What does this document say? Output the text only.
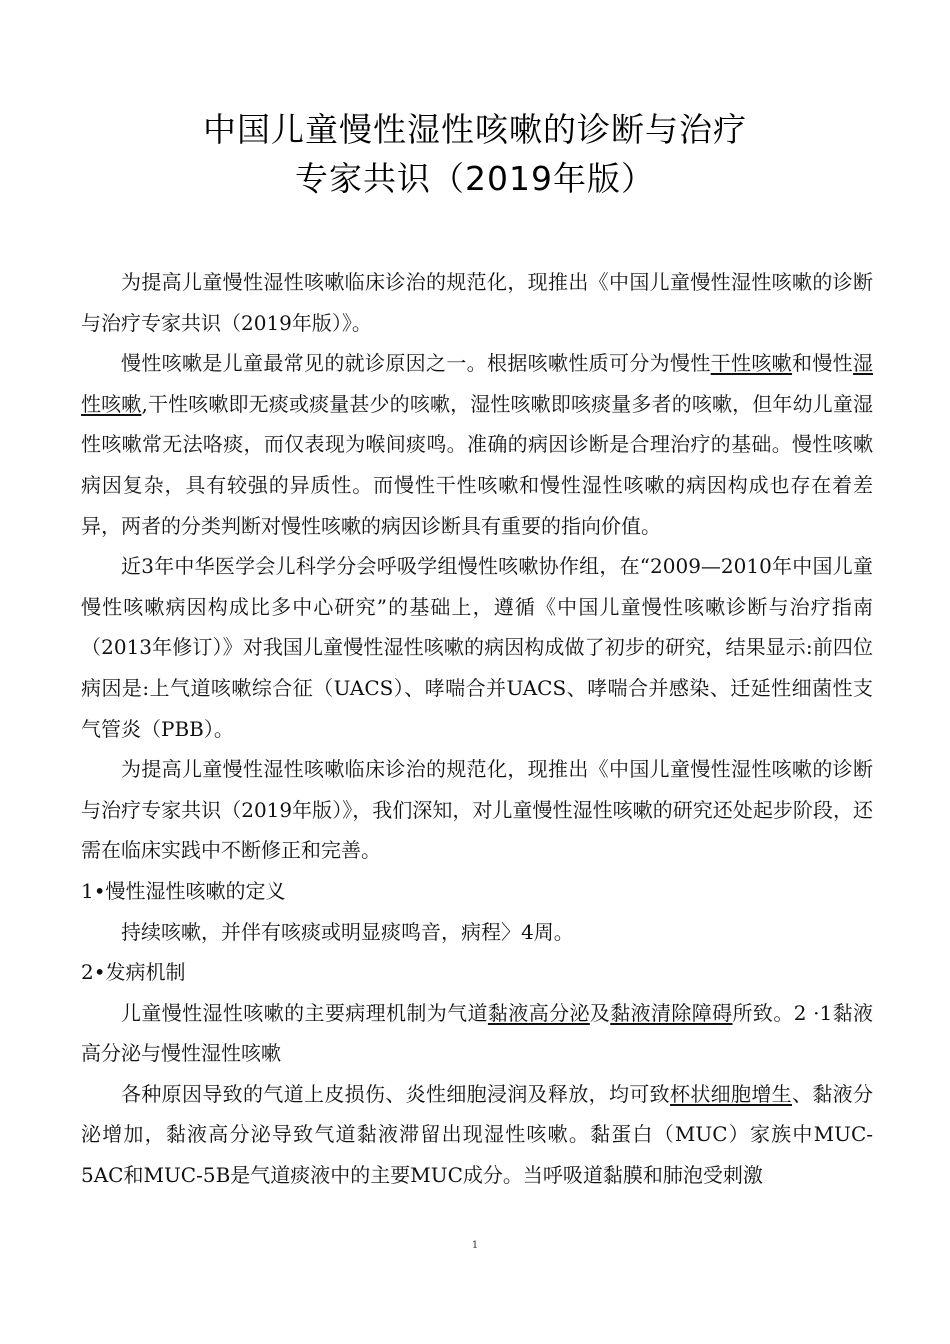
中国儿童慢性湿性咳嗽的诊断与治疗
专家共识（2019年版）

为提高儿童慢性湿性咳嗽临床诊治的规范化，现推出《中国儿童慢性湿性咳嗽的诊断与治疗专家共识（2019年版）》。

慢性咳嗽是儿童最常见的就诊原因之一。根据咳嗽性质可分为慢性干性咳嗽和慢性湿性咳嗽,干性咳嗽即无痰或痰量甚少的咳嗽，湿性咳嗽即咳痰量多者的咳嗽，但年幼儿童湿性咳嗽常无法咯痰，而仅表现为喉间痰鸣。准确的病因诊断是合理治疗的基础。慢性咳嗽病因复杂，具有较强的异质性。而慢性干性咳嗽和慢性湿性咳嗽的病因构成也存在着差异，两者的分类判断对慢性咳嗽的病因诊断具有重要的指向价值。

近3年中华医学会儿科学分会呼吸学组慢性咳嗽协作组，在“2009—2010年中国儿童慢性咳嗽病因构成比多中心研究”的基础上，遵循《中国儿童慢性咳嗽诊断与治疗指南（2013年修订）》对我国儿童慢性湿性咳嗽的病因构成做了初步的研究，结果显示:前四位病因是:上气道咳嗽综合征（UACS）、哮喘合并UACS、哮喘合并感染、迁延性细菌性支气管炎（PBB）。

为提高儿童慢性湿性咳嗽临床诊治的规范化，现推出《中国儿童慢性湿性咳嗽的诊断与治疗专家共识（2019年版）》，我们深知，对儿童慢性湿性咳嗽的研究还处起步阶段，还需在临床实践中不断修正和完善。

1•慢性湿性咳嗽的定义

持续咳嗽，并伴有咳痰或明显痰鸣音，病程〉4周。

2•发病机制

儿童慢性湿性咳嗽的主要病理机制为气道黏液高分泌及黏液清除障碍所致。2 ·1黏液高分泌与慢性湿性咳嗽

各种原因导致的气道上皮损伤、炎性细胞浸润及释放，均可致杯状细胞增生、黏液分泌增加，黏液高分泌导致气道黏液滞留出现湿性咳嗽。黏蛋白（MUC）家族中MUC-5AC和MUC-5B是气道痰液中的主要MUC成分。当呼吸道黏膜和肺泡受刺激

1
